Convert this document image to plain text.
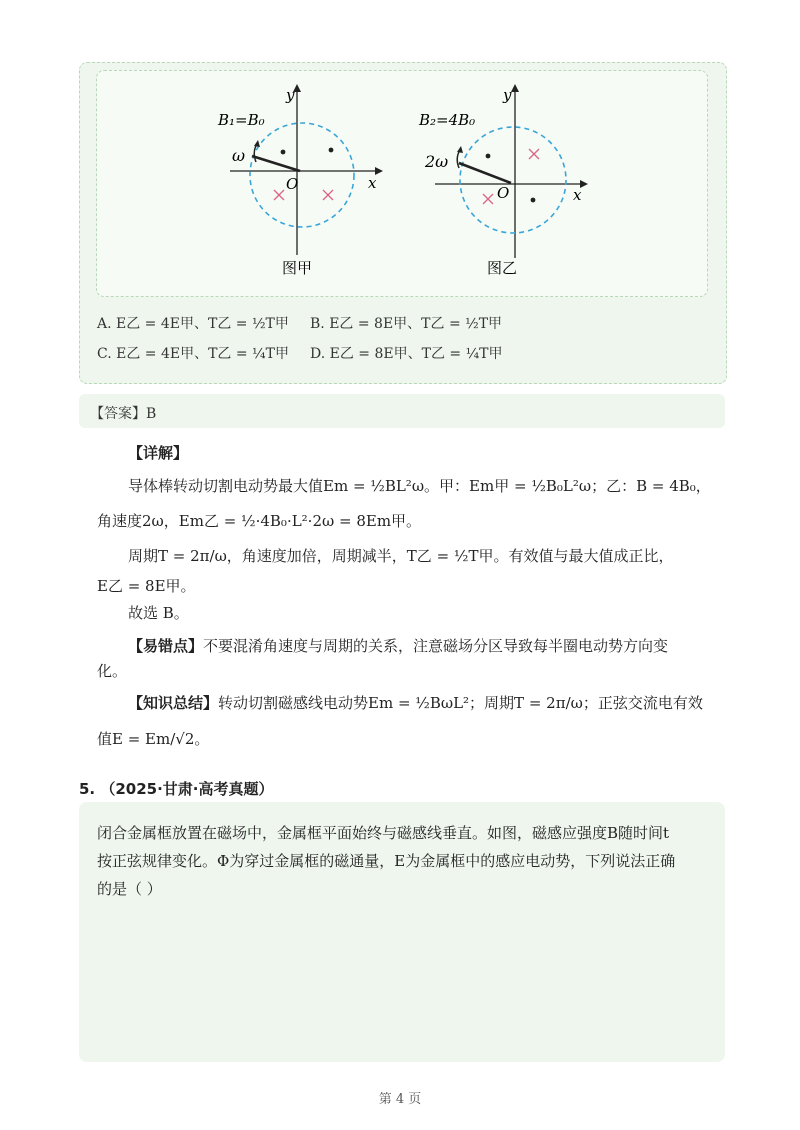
B₁=B₀
ω
O	x
y
图甲
B₂=4B₀
2ω
O	x
y
图乙
A. E乙 = 4E甲、T乙 = ½T甲 B. E乙 = 8E甲、T乙 = ½T甲
C. E乙 = 4E甲、T乙 = ¼T甲 D. E乙 = 8E甲、T乙 = ¼T甲
【答案】B
【详解】
导体棒转动切割电动势最大值Em = ½BL²ω。甲：Em甲 = ½B₀L²ω；乙：B = 4B₀，
角速度2ω，Em乙 = ½·4B₀·L²·2ω = 8Em甲。
周期T = 2π/ω，角速度加倍，周期减半，T乙 = ½T甲。有效值与最大值成正比，
E乙 = 8E甲。
故选 B。
【易错点】不要混淆角速度与周期的关系，注意磁场分区导致每半圈电动势方向变
化。
【知识总结】转动切割磁感线电动势Em = ½BωL²；周期T = 2π/ω；正弦交流电有效
值E = Em/√2。
5. （2025·甘肃·高考真题）
闭合金属框放置在磁场中，金属框平面始终与磁感线垂直。如图，磁感应强度B随时间t
按正弦规律变化。Φ为穿过金属框的磁通量，E为金属框中的感应电动势，下列说法正确
的是（ ）
第 4 页
